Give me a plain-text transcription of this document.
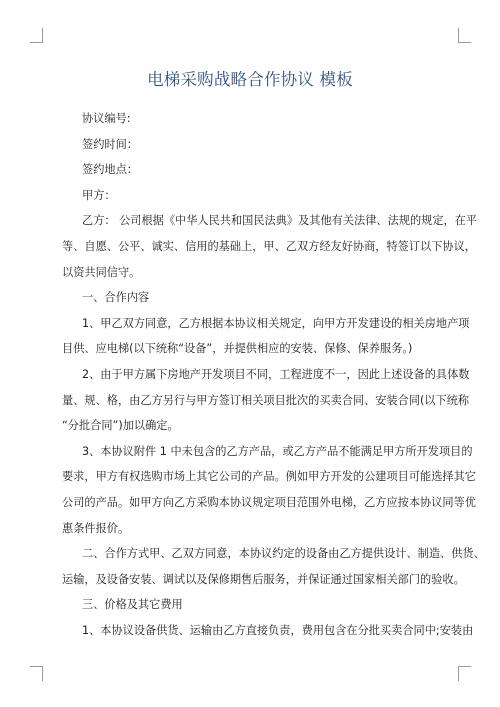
电梯采购战略合作协议 模板
协议编号:
签约时间：
签约地点：
甲方：
乙方： 公司根据《中华人民共和国民法典》及其他有关法律、法规的规定，在平
等、自愿、公平、诚实、信用的基础上，甲、乙双方经友好协商，特签订以下协议，
以资共同信守。
一、合作内容
1、甲乙双方同意，乙方根据本协议相关规定，向甲方开发建设的相关房地产项
目供、应电梯(以下统称“设备”，并提供相应的安装、保修、保养服务。)
2、由于甲方属下房地产开发项目不同，工程进度不一，因此上述设备的具体数
量、规、格，由乙方另行与甲方签订相关项目批次的买卖合同、安装合同(以下统称
“分批合同”)加以确定。
3、本协议附件 1 中未包含的乙方产品，或乙方产品不能满足甲方所开发项目的
要求，甲方有权选购市场上其它公司的产品。例如甲方开发的公建项目可能选择其它
公司的产品。如甲方向乙方采购本协议规定项目范围外电梯，乙方应按本协议同等优
惠条件报价。
二、合作方式甲、乙双方同意，本协议约定的设备由乙方提供设计、制造、供货、
运输，及设备安装、调试以及保修期售后服务，并保证通过国家相关部门的验收。
三、价格及其它费用
1、本协议设备供货、运输由乙方直接负责，费用包含在分批买卖合同中;安装由
